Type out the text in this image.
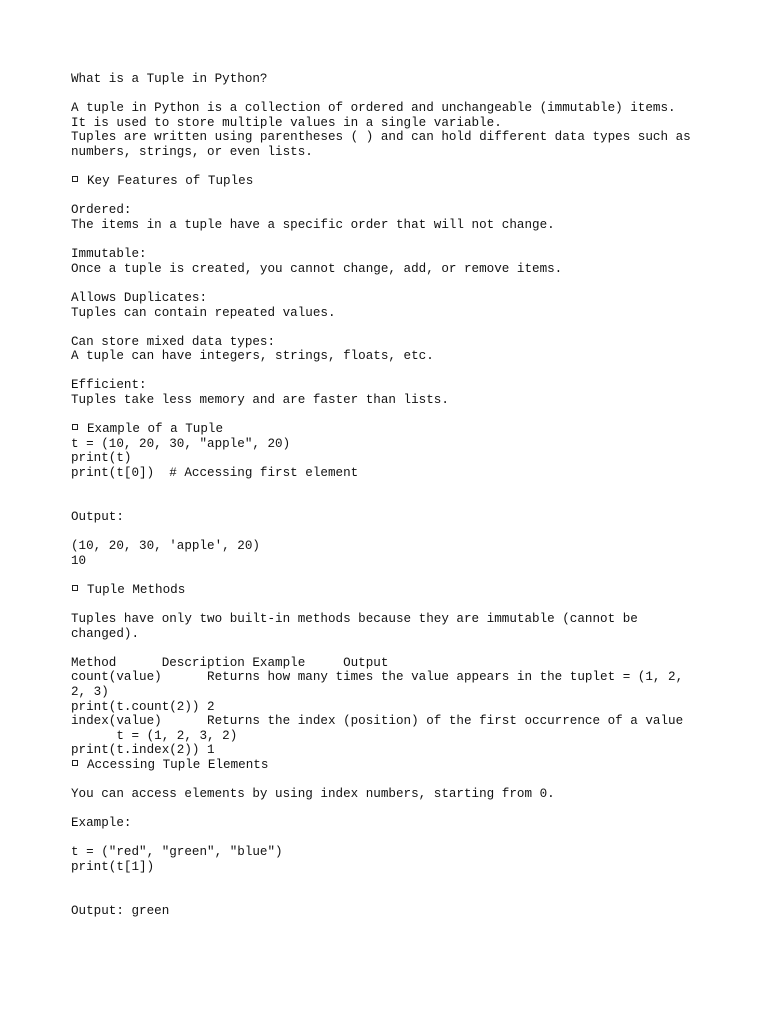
What is a Tuple in Python?
A tuple in Python is a collection of ordered and unchangeable (immutable) items.
It is used to store multiple values in a single variable.
Tuples are written using parentheses ( ) and can hold different data types such as
numbers, strings, or even lists.
Key Features of Tuples
Ordered:
The items in a tuple have a specific order that will not change.
Immutable:
Once a tuple is created, you cannot change, add, or remove items.
Allows Duplicates:
Tuples can contain repeated values.
Can store mixed data types:
A tuple can have integers, strings, floats, etc.
Efficient:
Tuples take less memory and are faster than lists.
Example of a Tuple
t = (10, 20, 30, "apple", 20)
print(t)
print(t[0])  # Accessing first element
Output:
(10, 20, 30, 'apple', 20)
10
Tuple Methods
Tuples have only two built-in methods because they are immutable (cannot be
changed).
Method      Description Example     Output
count(value)      Returns how many times the value appears in the tuplet = (1, 2,
2, 3)
print(t.count(2)) 2
index(value)      Returns the index (position) of the first occurrence of a value
t = (1, 2, 3, 2)
print(t.index(2)) 1
Accessing Tuple Elements
You can access elements by using index numbers, starting from 0.
Example:
t = ("red", "green", "blue")
print(t[1])
Output: green
